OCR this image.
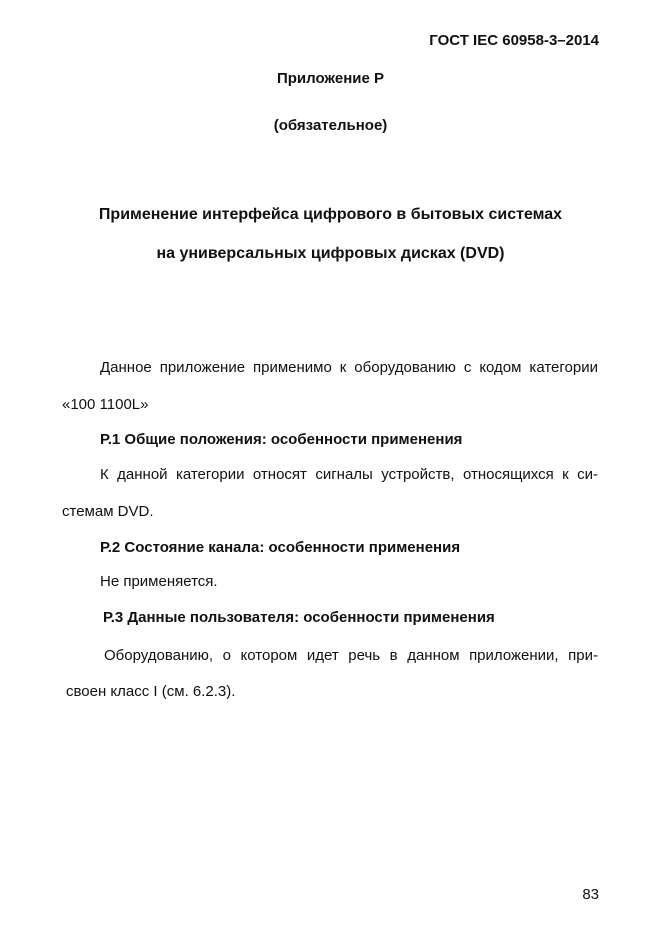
ГОСТ IEC 60958-3–2014
Приложение Р
(обязательное)
Применение интерфейса цифрового в бытовых системах
на универсальных цифровых дисках (DVD)
Данное приложение применимо к оборудованию с кодом категории
«100 1100L»
Р.1 Общие положения: особенности применения
К данной категории относят сигналы устройств, относящихся к си-
стемам DVD.
Р.2 Состояние канала: особенности применения
Не применяется.
Р.3 Данные пользователя: особенности применения
Оборудованию, о котором идет речь в данном приложении, при-
своен класс I (см. 6.2.3).
83
